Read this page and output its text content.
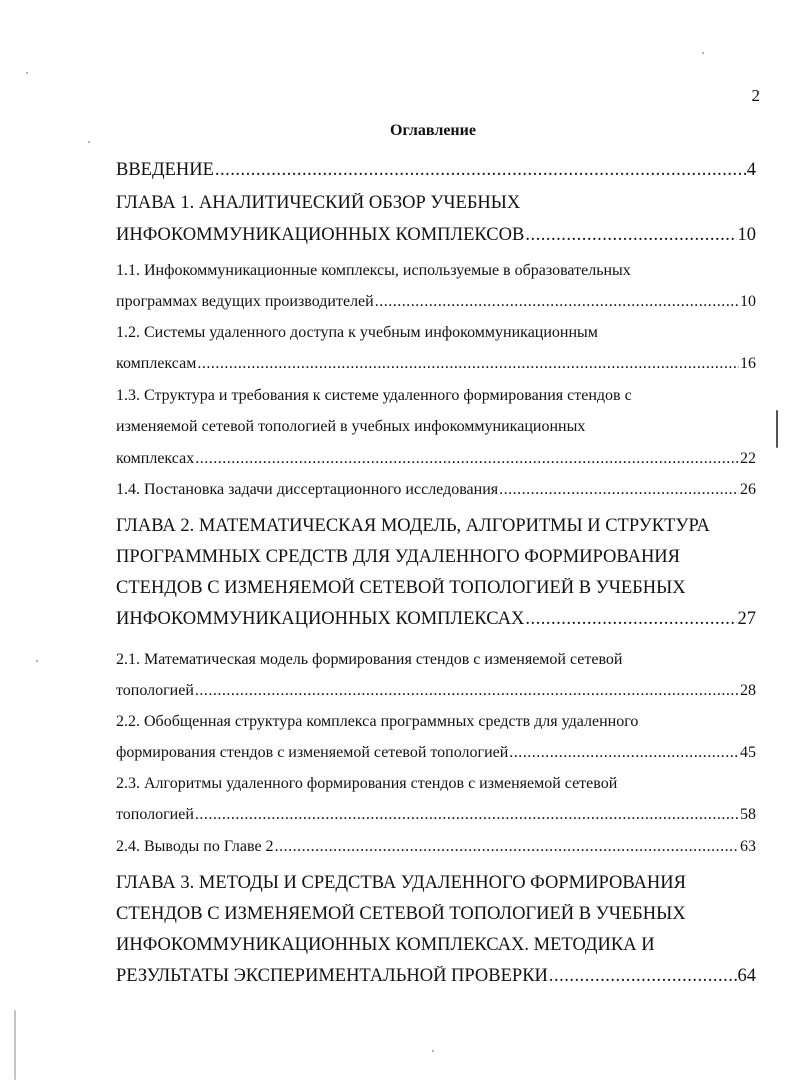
2
Оглавление
ВВЕДЕНИЕ .....	4
ГЛАВА 1. АНАЛИТИЧЕСКИЙ ОБЗОР УЧЕБНЫХ
ИНФОКОММУНИКАЦИОННЫХ КОМПЛЕКСОВ .....	10
1.1. Инфокоммуникационные комплексы, используемые в образовательных
программах ведущих производителей .....	10
1.2. Системы удаленного доступа к учебным инфокоммуникационным
комплексам .....	16
1.3. Структура и требования к системе удаленного формирования стендов с
изменяемой сетевой топологией в учебных инфокоммуникационных
комплексах .....	22
1.4. Постановка задачи диссертационного исследования .....	26
ГЛАВА 2. МАТЕМАТИЧЕСКАЯ МОДЕЛЬ, АЛГОРИТМЫ И СТРУКТУРА
ПРОГРАММНЫХ СРЕДСТВ ДЛЯ УДАЛЕННОГО ФОРМИРОВАНИЯ
СТЕНДОВ С ИЗМЕНЯЕМОЙ СЕТЕВОЙ ТОПОЛОГИЕЙ В УЧЕБНЫХ
ИНФОКОММУНИКАЦИОННЫХ КОМПЛЕКСАХ .....	27
2.1. Математическая модель формирования стендов с изменяемой сетевой
топологией .....	28
2.2. Обобщенная структура комплекса программных средств для удаленного
формирования стендов с изменяемой сетевой топологией .....	45
2.3. Алгоритмы удаленного формирования стендов с изменяемой сетевой
топологией .....	58
2.4. Выводы по Главе 2 .....	63
ГЛАВА 3. МЕТОДЫ И СРЕДСТВА УДАЛЕННОГО ФОРМИРОВАНИЯ
СТЕНДОВ С ИЗМЕНЯЕМОЙ СЕТЕВОЙ ТОПОЛОГИЕЙ В УЧЕБНЫХ
ИНФОКОММУНИКАЦИОННЫХ КОМПЛЕКСАХ. МЕТОДИКА И
РЕЗУЛЬТАТЫ ЭКСПЕРИМЕНТАЛЬНОЙ ПРОВЕРКИ .....	64
